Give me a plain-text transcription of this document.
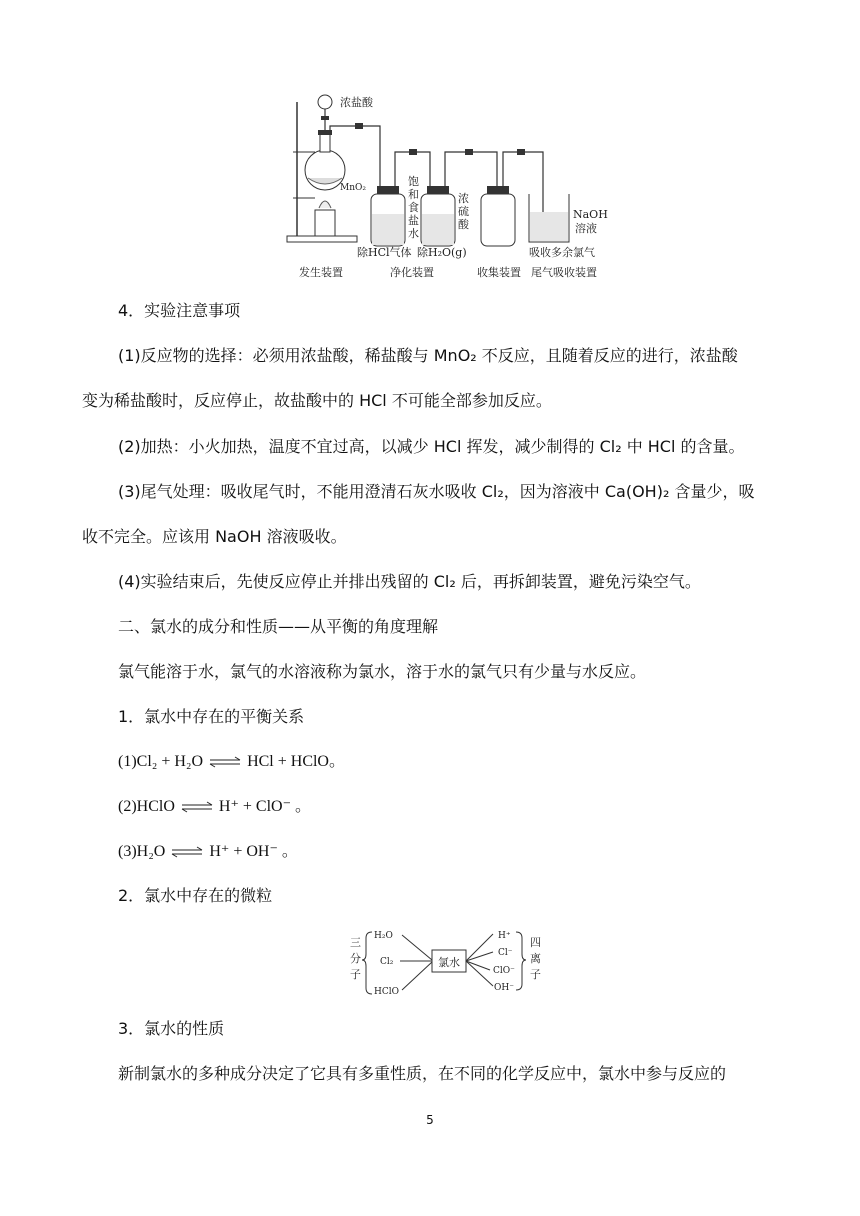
浓盐酸
MnO₂
NaOH
溶液
饱
和
食
盐
水
浓
硫
酸
除HCl气体 除H₂O(g)	吸收多余氯气
发生装置	净化装置	收集装置 尾气吸收装置
4．实验注意事项
(1)反应物的选择：必须用浓盐酸，稀盐酸与 MnO₂ 不反应，且随着反应的进行，浓盐酸
变为稀盐酸时，反应停止，故盐酸中的 HCl 不可能全部参加反应。
(2)加热：小火加热，温度不宜过高，以减少 HCl 挥发，减少制得的 Cl₂ 中 HCl 的含量。
(3)尾气处理：吸收尾气时，不能用澄清石灰水吸收 Cl₂，因为溶液中 Ca(OH)₂ 含量少，吸
收不完全。应该用 NaOH 溶液吸收。
(4)实验结束后，先使反应停止并排出残留的 Cl₂ 后，再拆卸装置，避免污染空气。
二、氯水的成分和性质——从平衡的角度理解
氯气能溶于水，氯气的水溶液称为氯水，溶于水的氯气只有少量与水反应。
1．氯水中存在的平衡关系
(1)Cl₂ + H₂O ⇌ HCl + HClO。
(2)HClO ⇌ H⁺ + ClO⁻ 。
(3)H₂O ⇌ H⁺ + OH⁻ 。
2．氯水中存在的微粒
三
分
子
H₂O
Cl₂
HClO
氯水
H⁺
Cl⁻
ClO⁻
OH⁻
四
离
子
3．氯水的性质
新制氯水的多种成分决定了它具有多重性质，在不同的化学反应中，氯水中参与反应的
5
